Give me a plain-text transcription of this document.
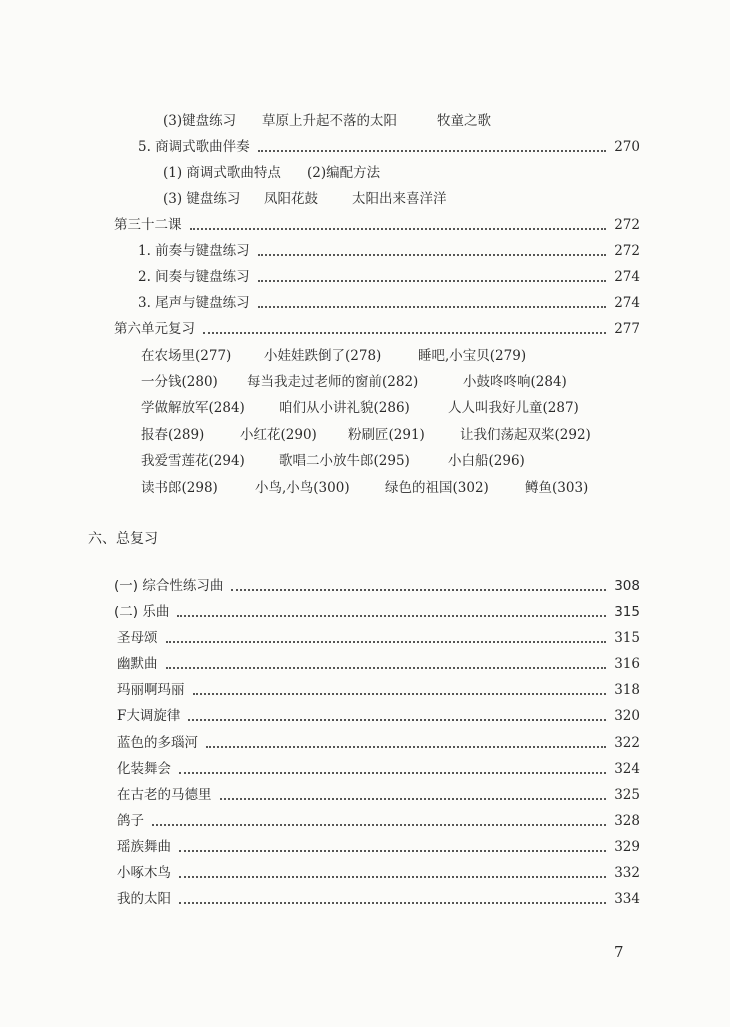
(3)键盘练习 草原上升起不落的太阳	牧童之歌
5. 商调式歌曲伴奏	270
(1) 商调式歌曲特点 (2)编配方法
(3) 键盘练习 凤阳花鼓	太阳出来喜洋洋
第三十二课	272
1. 前奏与键盘练习	272
2. 间奏与键盘练习	274
3. 尾声与键盘练习	274
第六单元复习	277
在农场里(277) 小娃娃跌倒了(278)	睡吧,小宝贝(279)
一分钱(280) 每当我走过老师的窗前(282)	小鼓咚咚响(284)
学做解放军(284)	咱们从小讲礼貌(286)	人人叫我好儿童(287)
报春(289)	小红花(290) 粉刷匠(291)	让我们荡起双桨(292)
我爱雪莲花(294)	歌唱二小放牛郎(295)	小白船(296)
读书郎(298)	小鸟,小鸟(300)	绿色的祖国(302)	鳟鱼(303)
六、总复习
(一) 综合性练习曲	308
(二) 乐曲	315
圣母颂	315
幽默曲	316
玛丽啊玛丽	318
F大调旋律	320
蓝色的多瑙河	322
化装舞会	324
在古老的马德里	325
鸽子	328
瑶族舞曲	329
小啄木鸟	332
我的太阳	334
7
